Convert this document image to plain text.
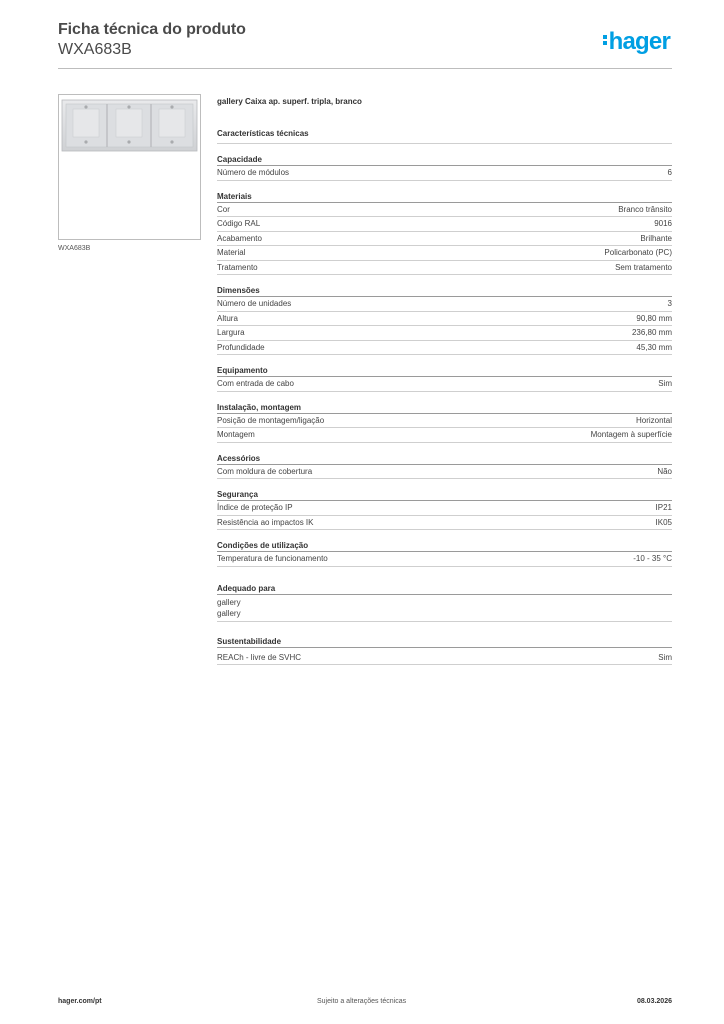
Ficha técnica do produto
WXA683B	hager
WXA683B
gallery Caixa ap. superf. tripla, branco
Características técnicas
Capacidade
Número de módulos	6
Materiais
Cor	Branco trânsito
Código RAL	9016
Acabamento	Brilhante
Material	Policarbonato (PC)
Tratamento	Sem tratamento
Dimensões
Número de unidades	3
Altura	90,80 mm
Largura	236,80 mm
Profundidade	45,30 mm
Equipamento
Com entrada de cabo	Sim
Instalação, montagem
Posição de montagem/ligação	Horizontal
Montagem	Montagem à superfície
Acessórios
Com moldura de cobertura	Não
Segurança
Índice de proteção IP	IP21
Resistência ao impactos IK	IK05
Condições de utilização
Temperatura de funcionamento	-10 - 35 °C
Adequado para
gallery
gallery
Sustentabilidade
REACh - livre de SVHC	Sim
hager.com/pt	Sujeito a alterações técnicas	08.03.2026
